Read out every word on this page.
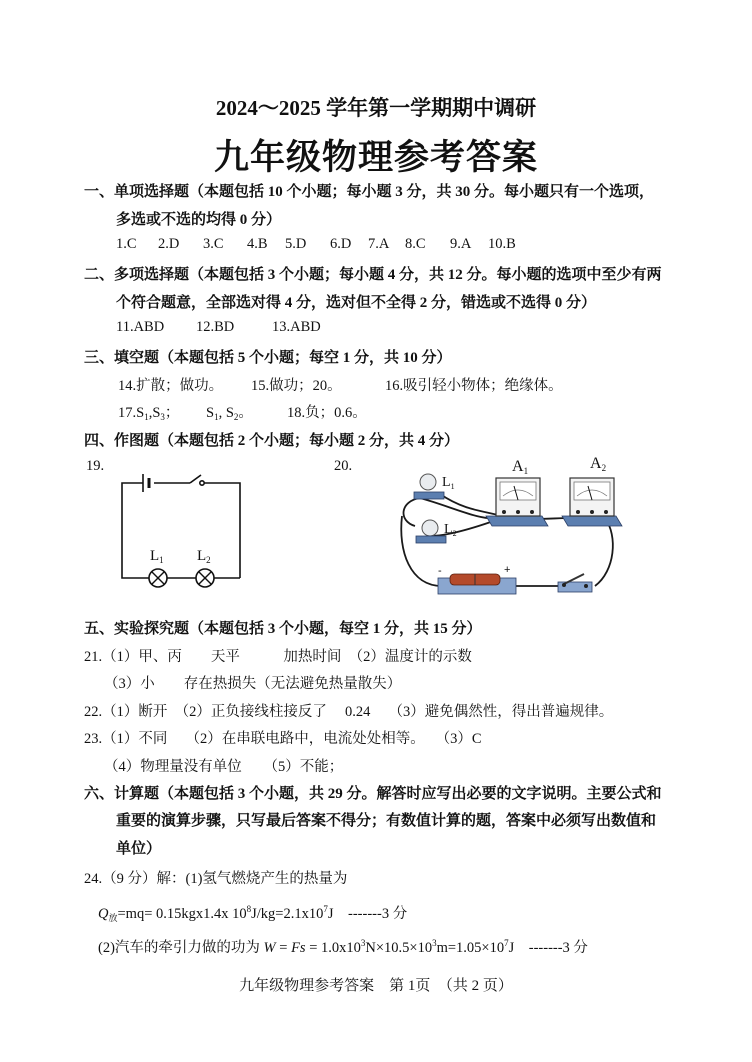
2024～2025 学年第一学期期中调研
九年级物理参考答案
一、单项选择题（本题包括 10 个小题；每小题 3 分，共 30 分。每小题只有一个选项，
多选或不选的均得 0 分）
1.C 2.D 3.C 4.B 5.D 6.D 7.A 8.C 9.A 10.B
二、多项选择题（本题包括 3 个小题；每小题 4 分，共 12 分。每小题的选项中至少有两
个符合题意，全部选对得 4 分，选对但不全得 2 分，错选或不选得 0 分）
11.ABD 12.BD	13.ABD
三、填空题（本题包括 5 个小题；每空 1 分，共 10 分）
14.扩散；做功。 15.做功；20。	16.吸引轻小物体；绝缘体。
$17.S_1,S_3$； $S_1$, $S_2$。 18.负；0.6。
四、作图题（本题包括 2 个小题；每小题 2 分，共 4 分）
19.	20.
$L_1$ $L_2$
$L_1$
$L_2$
A1	A2
-	+
五、实验探究题（本题包括 3 个小题，每空 1 分，共 15 分）
21.（1）甲、丙　　天平　　　加热时间　（2）温度计的示数
（3）小　　存在热损失（无法避免热量散失）
22.（1）断开　（2）正负接线柱接反了　 0.24　 （3）避免偶然性，得出普遍规律。
23.（1）不同　 （2）在串联电路中，电流处处相等。　 （3）C
（4）物理量没有单位　　（5）不能；
六、计算题（本题包括 3 个小题，共 29 分。解答时应写出必要的文字说明。主要公式和
重要的演算步骤，只写最后答案不得分；有数值计算的题，答案中必须写出数值和
单位）
24.（9 分）解：(1)氢气燃烧产生的热量为
$Q_放=mq= 0.15kgx1.4x$ $10^8J/kg=2.1x10^7J$　-------3 分
(2)汽车的牵引力做的功为 $W = Fs = 1.0x10^3N\times 10.5\times 10^3m=1.05\times 10^7J$　-------3 分
九年级物理参考答案　第 1页　（共 2 页）
